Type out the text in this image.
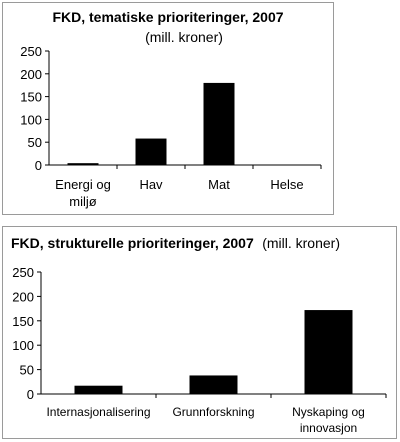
FKD, tematiske prioriteringer, 2007
(mill. kroner)
0
50
100
150
200
250
Energi og miljø
Hav	Mat	Helse
FKD, strukturelle prioriteringer, 2007 (mill. kroner)
0
50
100
150
200
250
Internasjonalisering Grunnforskning	Nyskaping og innovasjon
